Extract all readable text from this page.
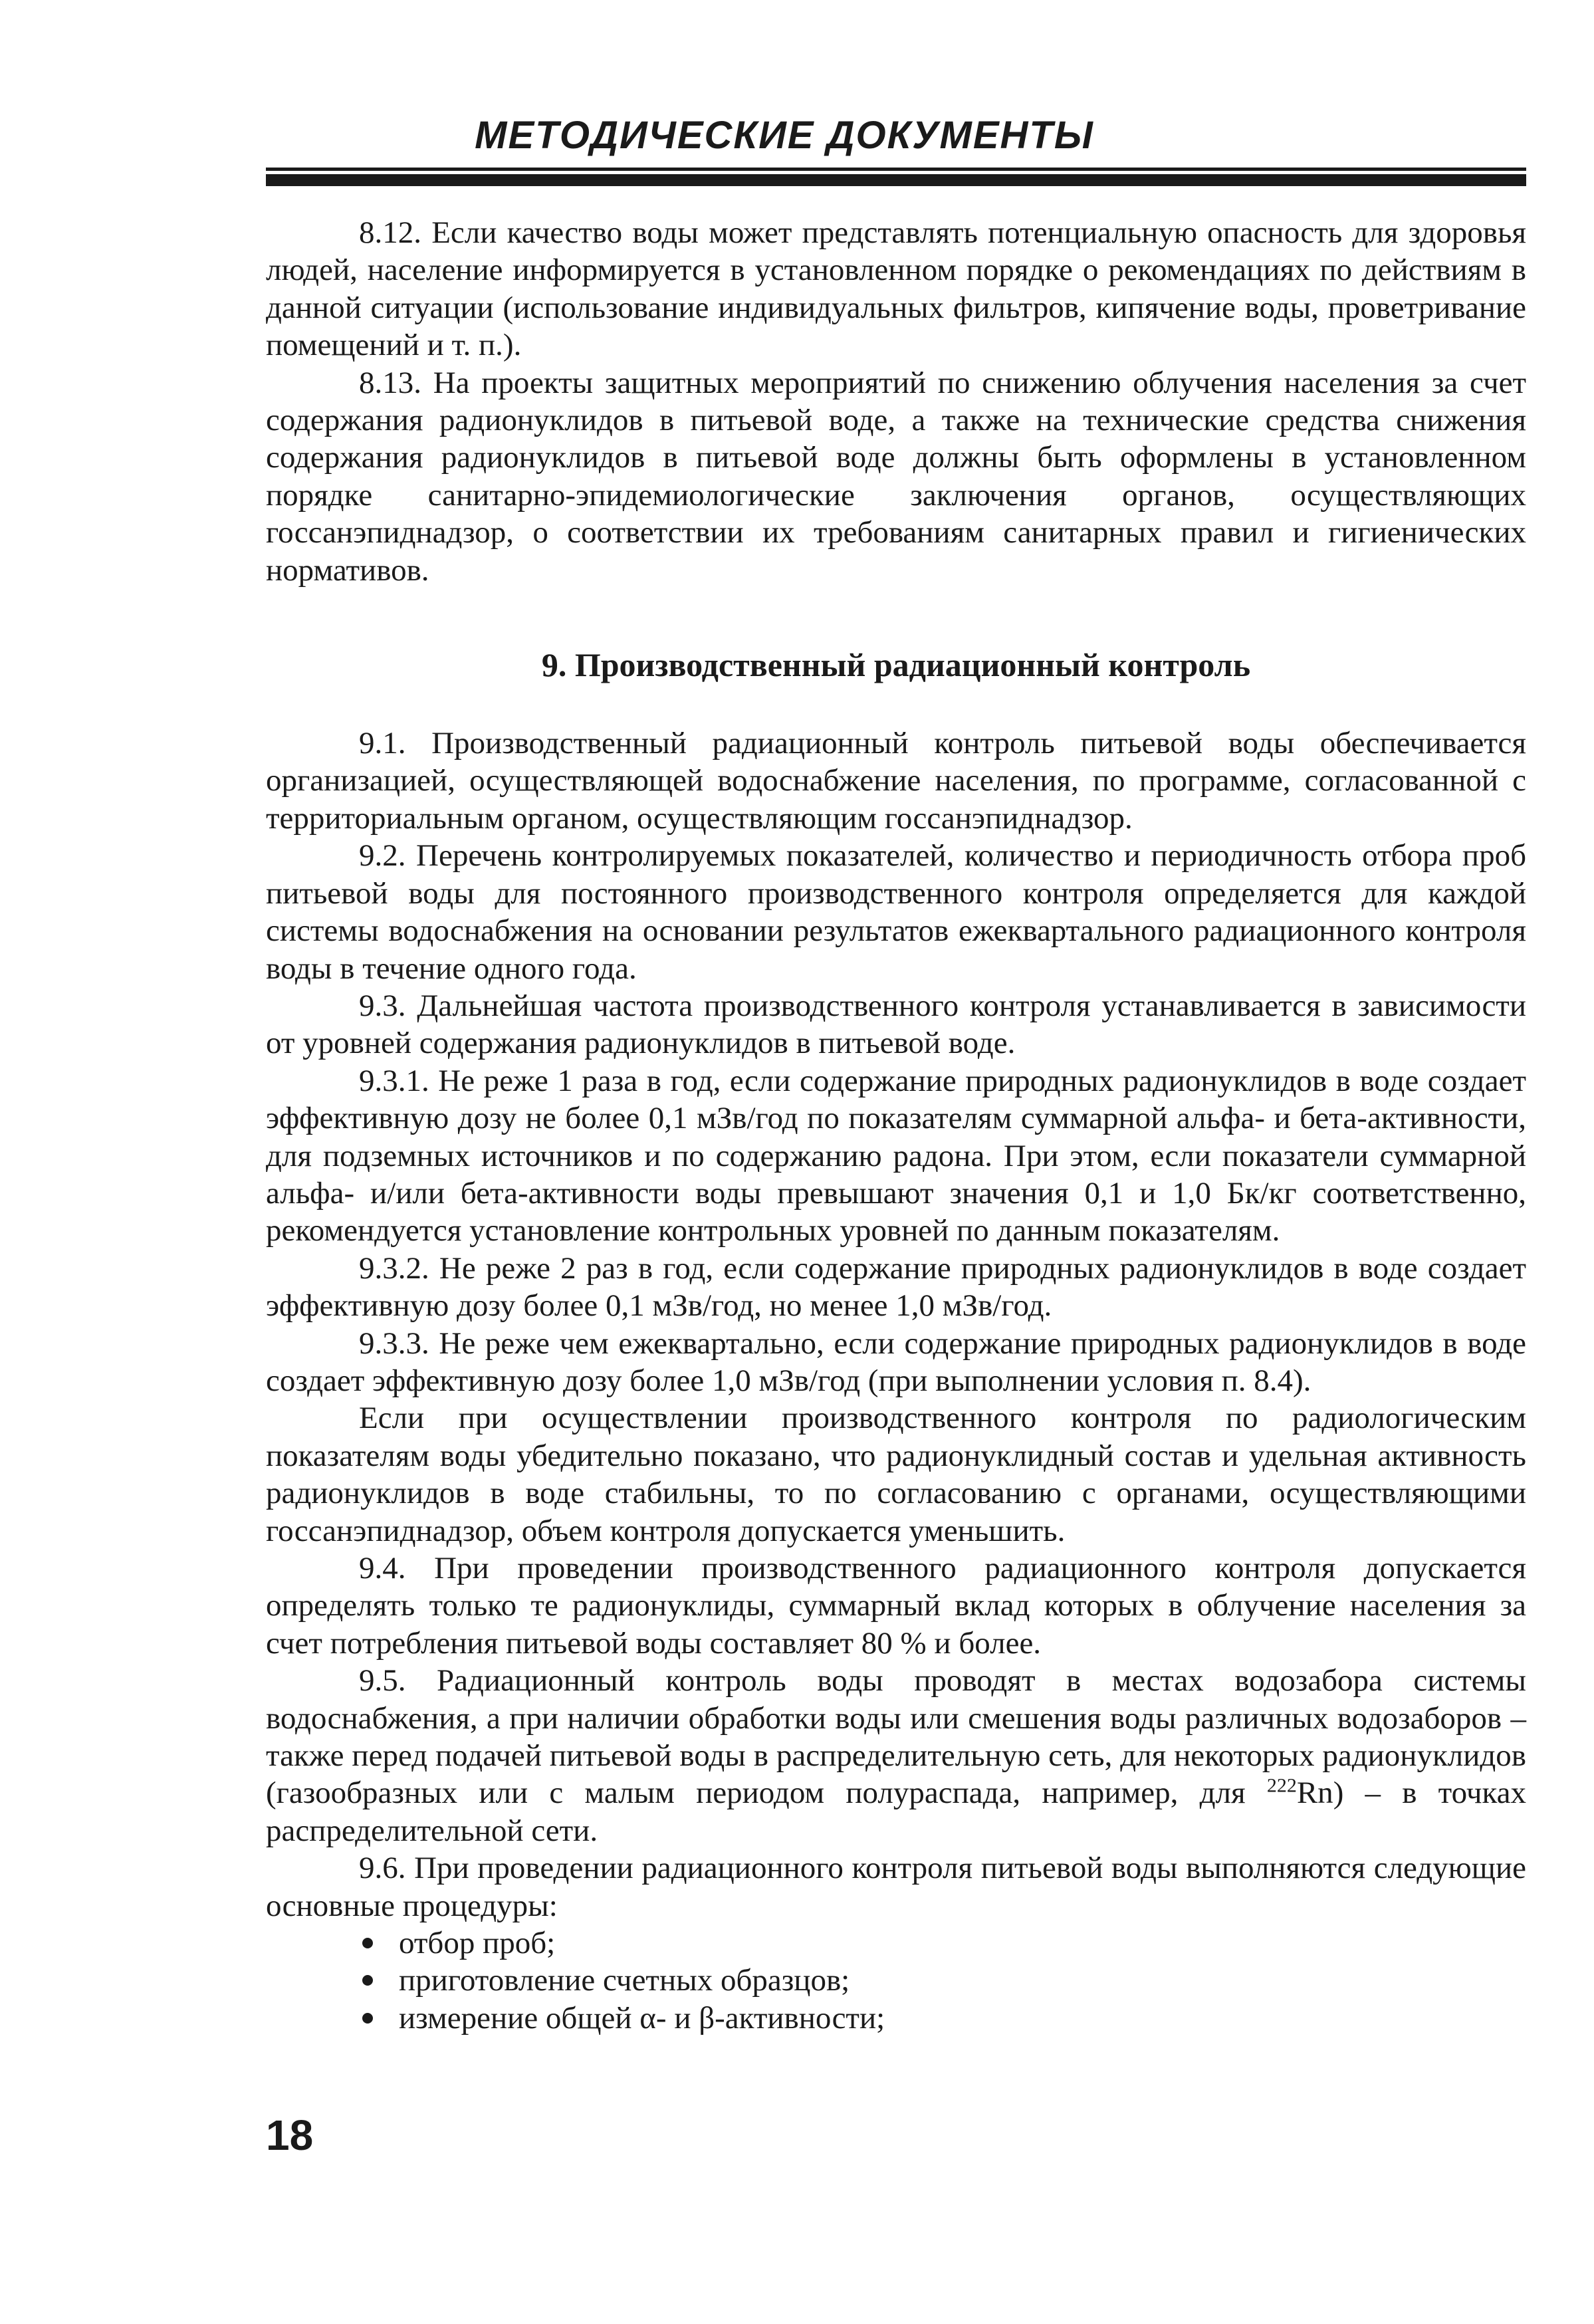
МЕТОДИЧЕСКИЕ ДОКУМЕНТЫ

8.12. Если качество воды может представлять потенциальную опасность для здоровья людей, население информируется в установленном порядке о рекомендациях по действиям в данной ситуации (использование индивидуальных фильтров, кипячение воды, проветривание помещений и т. п.).

8.13. На проекты защитных мероприятий по снижению облучения населения за счет содержания радионуклидов в питьевой воде, а также на технические средства снижения содержания радионуклидов в питьевой воде должны быть оформлены в установленном порядке санитарно-эпидемиологические заключения органов, осуществляющих госсанэпиднадзор, о соответствии их требованиям санитарных правил и гигиенических нормативов.

9. Производственный радиационный контроль

9.1. Производственный радиационный контроль питьевой воды обеспечивается организацией, осуществляющей водоснабжение населения, по программе, согласованной с территориальным органом, осуществляющим госсанэпиднадзор.

9.2. Перечень контролируемых показателей, количество и периодичность отбора проб питьевой воды для постоянного производственного контроля определяется для каждой системы водоснабжения на основании результатов ежеквартального радиационного контроля воды в течение одного года.

9.3. Дальнейшая частота производственного контроля устанавливается в зависимости от уровней содержания радионуклидов в питьевой воде.

9.3.1. Не реже 1 раза в год, если содержание природных радионуклидов в воде создает эффективную дозу не более 0,1 мЗв/год по показателям суммарной альфа- и бета-активности, для подземных источников и по содержанию радона. При этом, если показатели суммарной альфа- и/или бета-активности воды превышают значения 0,1 и 1,0 Бк/кг соответственно, рекомендуется установление контрольных уровней по данным показателям.

9.3.2. Не реже 2 раз в год, если содержание природных радионуклидов в воде создает эффективную дозу более 0,1 мЗв/год, но менее 1,0 мЗв/год.

9.3.3. Не реже чем ежеквартально, если содержание природных радионуклидов в воде создает эффективную дозу более 1,0 мЗв/год (при выполнении условия п. 8.4).

Если при осуществлении производственного контроля по радиологическим показателям воды убедительно показано, что радионуклидный состав и удельная активность радионуклидов в воде стабильны, то по согласованию с органами, осуществляющими госсанэпиднадзор, объем контроля допускается уменьшить.

9.4. При проведении производственного радиационного контроля допускается определять только те радионуклиды, суммарный вклад которых в облучение населения за счет потребления питьевой воды составляет 80 % и более.

9.5. Радиационный контроль воды проводят в местах водозабора системы водоснабжения, а при наличии обработки воды или смешения воды различных водозаборов – также перед подачей питьевой воды в распределительную сеть, для некоторых радионуклидов (газообразных или с малым периодом полураспада, например, для $^{222}$Rn) – в точках распределительной сети.

9.6. При проведении радиационного контроля питьевой воды выполняются следующие основные процедуры:

отбор проб;
приготовление счетных образцов;
измерение общей α- и β-активности;
18
